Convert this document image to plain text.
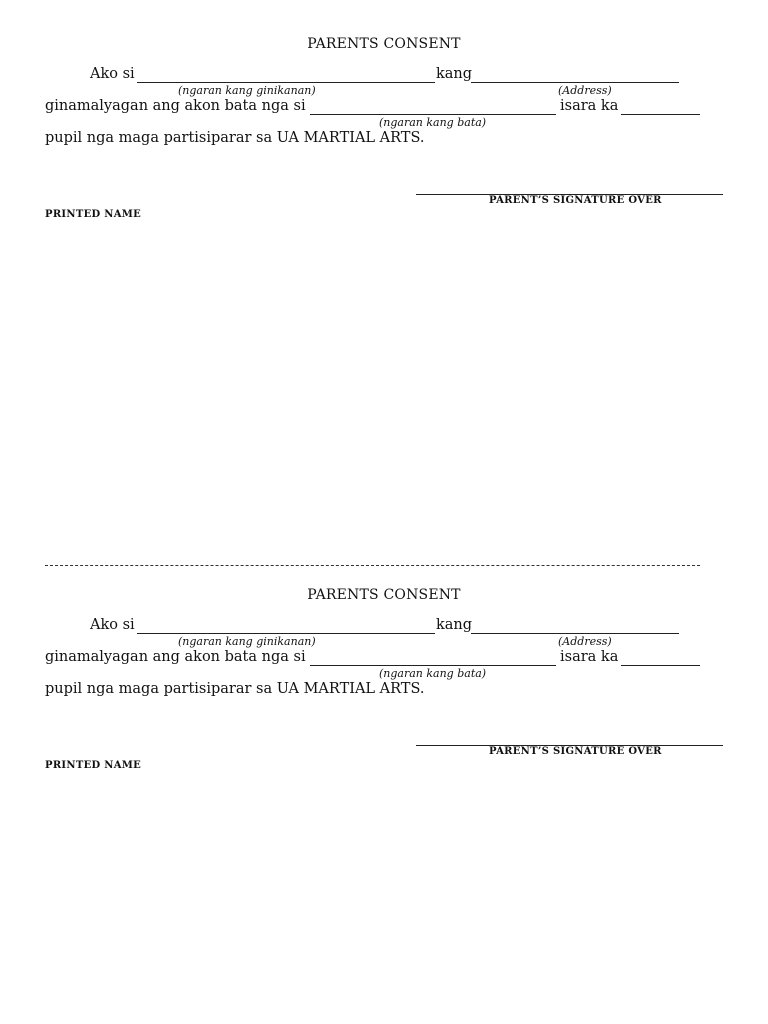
PARENTS CONSENT
Ako si	kang
(ngaran kang ginikanan)	(Address)
ginamalyagan ang akon bata nga si	isara ka
(ngaran kang bata)
pupil nga maga partisiparar sa UA MARTIAL ARTS.
PARENT’S SIGNATURE OVER
PRINTED NAME
PARENTS CONSENT
Ako si	kang
(ngaran kang ginikanan)	(Address)
ginamalyagan ang akon bata nga si	isara ka
(ngaran kang bata)
pupil nga maga partisiparar sa UA MARTIAL ARTS.
PARENT’S SIGNATURE OVER
PRINTED NAME
